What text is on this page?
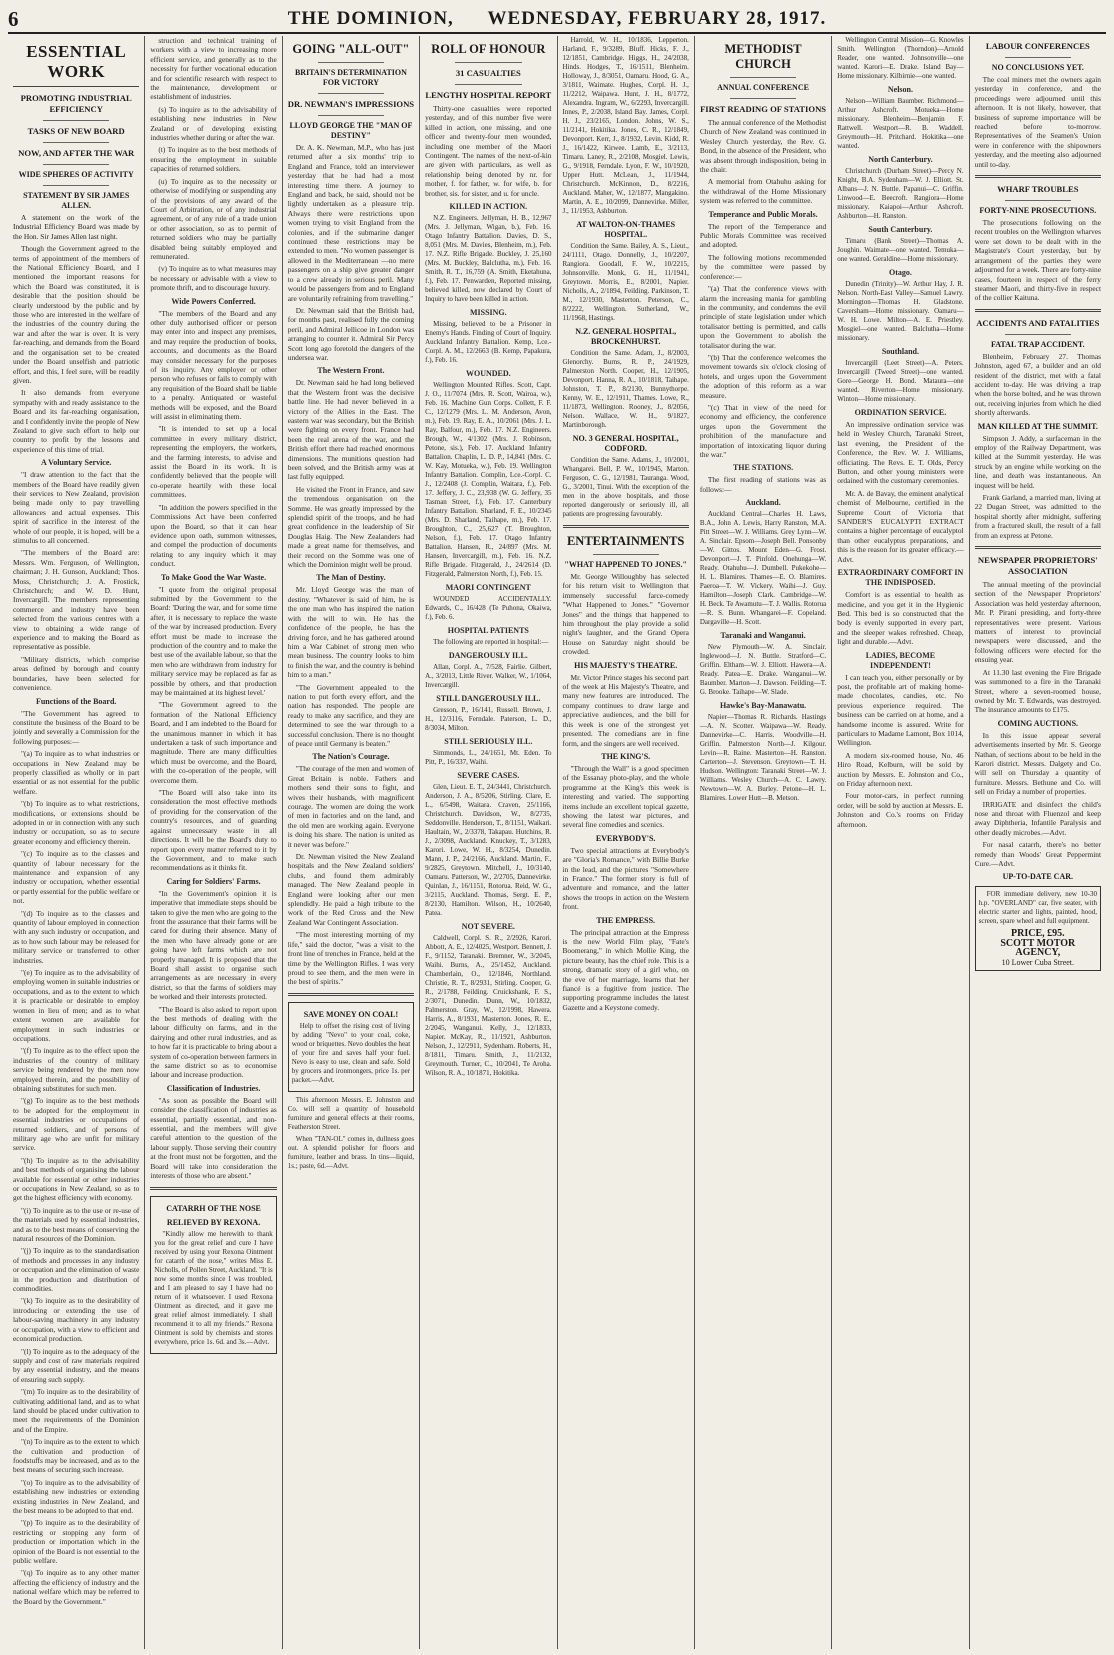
6	THE DOMINION, WEDNESDAY, FEBRUARY 28, 1917.
ESSENTIAL WORK
PROMOTING INDUSTRIAL EFFICIENCY
TASKS OF NEW BOARD
NOW, AND AFTER THE WAR
WIDE SPHERES OF ACTIVITY
STATEMENT BY SIR JAMES ALLEN.

A statement on the work of the Industrial Efficiency Board was made by the Hon. Sir James Allen last night.

Though the Government agreed to the terms of appointment of the members of the National Efficiency Board, and I mentioned the important reasons for which the Board was constituted, it is desirable that the position should be clearly understood by the public and by those who are interested in the welfare of the industries of the country during the war and after the war is over. It is very far-reaching, and demands from the Board and the organisation set to be created under the Board unselfish and patriotic effort, and this, I feel sure, will be readily given.

It also demands from everyone sympathy with and ready assistance to the Board and its far-reaching organisation, and I confidently invite the people of New Zealand to give such effort to help our country to profit by the lessons and experience of this time of trial.

A Voluntary Service.

"I draw attention to the fact that the members of the Board have readily given their services to New Zealand, provision being made only to pay travelling allowances and actual expenses. This spirit of sacrifice in the interest of the whole of our people, it is hoped, will be a stimulus to all concerned.

"The members of the Board are: Messrs. Wm. Ferguson, of Wellington, chairman; J. H. Gunson, Auckland; Thos. Moss, Christchurch; J. A. Frostick, Christchurch; and W. D. Hunt, Invercargill. The members representing commerce and industry have been selected from the various centres with a view to obtaining a wide range of experience and to making the Board as representative as possible.

"Military districts, which comprise areas defined by borough and county boundaries, have been selected for convenience.

Functions of the Board.

"The Government has agreed to constitute the business of the Board to be jointly and severally a Commission for the following purposes:—

"(a) To inquire as to what industries or occupations in New Zealand may be properly classified as wholly or in part essential or as not essential for the public welfare.

"(b) To inquire as to what restrictions, modifications, or extensions should be adopted in or in connection with any such industry or occupation, so as to secure greater economy and efficiency therein.

"(c) To inquire as to the classes and quantity of labour necessary for the maintenance and expansion of any industry or occupation, whether essential or partly essential for the public welfare or not.

"(d) To inquire as to the classes and quantity of labour employed in connection with any such industry or occupation, and as to how such labour may be released for military service or transferred to other industries.

"(e) To inquire as to the advisability of employing women in suitable industries or occupations, and as to the extent to which it is practicable or desirable to employ women in lieu of men; and as to what extent women are available for employment in such industries or occupations.

"(f) To inquire as to the effect upon the industries of the country of military service being rendered by the men now employed therein, and the possibility of obtaining substitutes for such men.

"(g) To inquire as to the best methods to be adopted for the employment in essential industries or occupations of returned soldiers, and of persons of military age who are unfit for military service.

"(h) To inquire as to the advisability and best methods of organising the labour available for essential or other industries or occupations in New Zealand, so as to get the highest efficiency with economy.

"(i) To inquire as to the use or re-use of the materials used by essential industries, and as to the best means of conserving the natural resources of the Dominion.

"(j) To inquire as to the standardisation of methods and processes in any industry or occupation and the elimination of waste in the production and distribution of commodities.

"(k) To inquire as to the desirability of introducing or extending the use of labour-saving machinery in any industry or occupation, with a view to efficient and economical production.

"(l) To inquire as to the adequacy of the supply and cost of raw materials required by any essential industry, and the means of ensuring such supply.

"(m) To inquire as to the desirability of cultivating additional land, and as to what land should be placed under cultivation to meet the requirements of the Dominion and of the Empire.

"(n) To inquire as to the extent to which the cultivation and production of foodstuffs may be increased, and as to the best means of securing such increase.

"(o) To inquire as to the advisability of establishing new industries or extending existing industries in New Zealand, and the best means to be adopted to that end.

"(p) To inquire as to the desirability of restricting or stopping any form of production or importation which in the opinion of the Board is not essential to the public welfare.

"(q) To inquire as to any other matter affecting the efficiency of industry and the national welfare which may be referred to the Board by the Government."

struction and technical training of workers with a view to increasing more efficient service, and generally as to the necessity for further vocational education and for scientific research with respect to the maintenance, development or establishment of industries.

(s) To inquire as to the advisability of establishing new industries in New Zealand or of developing existing industries whether during or after the war.

(t) To inquire as to the best methods of ensuring the employment in suitable capacities of returned soldiers.

(u) To inquire as to the necessity or otherwise of modifying or suspending any of the provisions of any award of the Court of Arbitration, or of any industrial agreement, or of any rule of a trade union or other association, so as to permit of returned soldiers who may be partially disabled being suitably employed and remunerated.

(v) To inquire as to what measures may be necessary or advisable with a view to promote thrift, and to discourage luxury.

Wide Powers Conferred.

"The members of the Board and any other duly authorised officer or person may enter into and inspect any premises, and may require the production of books, accounts, and documents as the Board may consider necessary for the purposes of its inquiry. Any employer or other person who refuses or fails to comply with any requisition of the Board shall be liable to a penalty. Antiquated or wasteful methods will be exposed, and the Board will assist in eliminating them.

"It is intended to set up a local committee in every military district, representing the employers, the workers, and the farming interests, to advise and assist the Board in its work. It is confidently believed that the people will co-operate heartily with these local committees.

"In addition the powers specified in the Commissions Act have been conferred upon the Board, so that it can hear evidence upon oath, summon witnesses, and compel the production of documents relating to any inquiry which it may conduct.

To Make Good the War Waste.

"I quote from the original proposal submitted by the Government to the Board: 'During the war, and for some time after, it is necessary to replace the waste of the war by increased production. Every effort must be made to increase the production of the country and to make the best use of the available labour, so that the men who are withdrawn from industry for military service may be replaced as far as possible by others, and that production may be maintained at its highest level.'

"The Government agreed to the formation of the National Efficiency Board, and I am indebted to the Board for the unanimous manner in which it has undertaken a task of such importance and magnitude. There are many difficulties which must be overcome, and the Board, with the co-operation of the people, will overcome them.

"The Board will also take into its consideration the most effective methods of providing for the conservation of the country's resources, and of guarding against unnecessary waste in all directions. It will be the Board's duty to report upon every matter referred to it by the Government, and to make such recommendations as it thinks fit.

Caring for Soldiers' Farms.

"In the Government's opinion it is imperative that immediate steps should be taken to give the men who are going to the front the assurance that their farms will be cared for during their absence. Many of the men who have already gone or are going have left farms which are not properly managed. It is proposed that the Board shall assist to organise such arrangements as are necessary in every district, so that the farms of soldiers may be worked and their interests protected.

"The Board is also asked to report upon the best methods of dealing with the labour difficulty on farms, and in the dairying and other rural industries, and as to how far it is practicable to bring about a system of co-operation between farmers in the same district so as to economise labour and increase production.

Classification of Industries.

"As soon as possible the Board will consider the classification of industries as essential, partially essential, and non-essential, and the members will give careful attention to the question of the labour supply. Those serving their country at the front must not be forgotten, and the Board will take into consideration the interests of those who are absent."

CATARRH OF THE NOSE
RELIEVED BY REXONA.

"Kindly allow me herewith to thank you for the great relief and cure I have received by using your Rexona Ointment for catarrh of the nose," writes Miss E. Nicholls, of Pollen Street, Auckland. "It is now some months since I was troubled, and I am pleased to say I have had no return of it whatsoever. I used Rexona Ointment as directed, and it gave me great relief almost immediately. I shall recommend it to all my friends." Rexona Ointment is sold by chemists and stores everywhere, price 1s. 6d. and 3s.—Advt.

GOING "ALL-OUT"
BRITAIN'S DETERMINATION FOR VICTORY
DR. NEWMAN'S IMPRESSIONS
LLOYD GEORGE THE "MAN OF DESTINY"

Dr. A. K. Newman, M.P., who has just returned after a six months' trip to England and France, told an interviewer yesterday that he had had a most interesting time there. A journey to England and back, he said, should not be lightly undertaken as a pleasure trip. Always there were restrictions upon women trying to visit England from the colonies, and if the submarine danger continued these restrictions may be extended to men. "No women passenger is allowed in the Mediterranean —no mere passengers on a ship give greater danger to a crew already in serious peril. Many would be passengers from and to England are voluntarily refraining from travelling."

Dr. Newman said that the British had, for months past, realised fully the coming peril, and Admiral Jellicoe in London was arranging to counter it. Admiral Sir Percy Scott long ago foretold the dangers of the undersea war.

The Western Front.

Dr. Newman said he had long believed that the Western front was the decisive battle line. He had never believed in a victory of the Allies in the East. The eastern war was secondary, but the British were fighting on every front. France had been the real arena of the war, and the British effort there had reached enormous dimensions. The munitions question had been solved, and the British army was at last fully equipped.

He visited the Front in France, and saw the tremendous organisation on the Somme. He was greatly impressed by the splendid spirit of the troops, and he had great confidence in the leadership of Sir Douglas Haig. The New Zealanders had made a great name for themselves, and their record on the Somme was one of which the Dominion might well be proud.

The Man of Destiny.

Mr. Lloyd George was the man of destiny. "Whatever is said of him, he is the one man who has inspired the nation with the will to win. He has the confidence of the people, he has the driving force, and he has gathered around him a War Cabinet of strong men who mean business. The country looks to him to finish the war, and the country is behind him to a man."

"The Government appealed to the nation to put forth every effort, and the nation has responded. The people are ready to make any sacrifice, and they are determined to see the war through to a successful conclusion. There is no thought of peace until Germany is beaten."

The Nation's Courage.

"The courage of the men and women of Great Britain is noble. Fathers and mothers send their sons to fight, and wives their husbands, with magnificent courage. The women are doing the work of men in factories and on the land, and the old men are working again. Everyone is doing his share. The nation is united as it never was before."

Dr. Newman visited the New Zealand hospitals and the New Zealand soldiers' clubs, and found them admirably managed. The New Zealand people in England were looking after our men splendidly. He paid a high tribute to the work of the Red Cross and the New Zealand War Contingent Association.

"The most interesting morning of my life," said the doctor, "was a visit to the front line of trenches in France, held at the time by the Wellington Rifles. I was very proud to see them, and the men were in the best of spirits."

SAVE MONEY ON COAL!

Help to offset the rising cost of living by adding "Nevo" to your coal, coke, wood or briquettes. Nevo doubles the heat of your fire and saves half your fuel. Nevo is easy to use, clean and safe. Sold by grocers and ironmongers, price 1s. per packet.—Advt.

This afternoon Messrs. E. Johnston and Co. will sell a quantity of household furniture and general effects at their rooms, Featherston Street.

When "TAN-OL" comes in, dullness goes out. A splendid polisher for floors and furniture, leather and brass. In tins—liquid, 1s.; paste, 6d.—Advt.

ROLL OF HONOUR
31 CASUALTIES
LENGTHY HOSPITAL REPORT

Thirty-one casualties were reported yesterday, and of this number five were killed in action, one missing, and one officer and twenty-four men wounded, including one member of the Maori Contingent. The names of the next-of-kin are given with particulars, as well as relationship being denoted by nr. for mother, f. for father, w. for wife, b. for brother, sis. for sister, and u. for uncle.

KILLED IN ACTION.

N.Z. Engineers. Jellyman, H. B., 12,967 (Mrs. J. Jellyman, Wigan, b.), Feb. 16. Otago Infantry Battalion. Davies, D. S., 8,051 (Mrs. M. Davies, Blenheim, m.), Feb. 17. N.Z. Rifle Brigade. Buckley, J. 25,160 (Mrs. M. Buckley, Balclutha, m.), Feb. 16. Smith, R. T., 16,759 (A. Smith, Eketahuna, f.), Feb. 17. Penwarden, Reported missing, believed killed, now declared by Court of Inquiry to have been killed in action.

MISSING.

Missing, believed to be a Prisoner in Enemy's Hands. Finding of Court of Inquiry. Auckland Infantry Battalion. Kemp, Lce.-Corpl. A. M., 12/2663 (B. Kemp, Papakura, f.), Feb. 16.

WOUNDED.

Wellington Mounted Rifles. Scott, Capt. J. O., 11/7074 (Mrs. R. Scott, Wairoa, w.), Feb. 16. Machine Gun Corps. Collett, F. F. C., 12/1279 (Mrs. L. M. Anderson, Avon, m.), Feb. 19. Ray, E. A., 10/2061 (Mrs. J. L. Ray, Balfour, m.), Feb. 17. N.Z. Engineers. Brough, W., 4/1302 (Mrs. J. Robinson, Petone, sis.), Feb. 17. Auckland Infantry Battalion. Chaplin, L. D. P., 14,841 (Mrs. C. W. Kay, Motueka, w.), Feb. 19. Wellington Infantry Battalion. Complin, Lce.-Corpl. C. J., 12/2408 (J. Complin, Waitara, f.), Feb. 17. Jeffery, J. C., 23,938 (W. G. Jeffery, 35 Tasman Street, f.), Feb. 17. Canterbury Infantry Battalion. Sharland, F. E., 10/2345 (Mrs. D. Sharland, Taihape, m.), Feb. 17. Broughton, C., 25,627 (T. Broughton, Nelson, f.), Feb. 17. Otago Infantry Battalion. Hansen, R., 24/897 (Mrs. M. Hansen, Invercargill, m.), Feb. 16. N.Z. Rifle Brigade. Fitzgerald, J., 24/2614 (D. Fitzgerald, Palmerston North, f.), Feb. 15.

MAORI CONTINGENT

WOUNDED ACCIDENTALLY. Edwards, C., 16/428 (Te Puhona, Okaiwa, f.), Feb. 6.

HOSPITAL PATIENTS

The following are reported in hospital:—

DANGEROUSLY ILL.

Allan, Corpl. A., 7/528, Fairlie. Gilbert, A., 3/2013, Little River. Walker, W., 1/1064, Invercargill.

STILL DANGEROUSLY ILL.

Gresson, P., 16/141, Russell. Brown, J. H., 12/3116, Ferndale. Paterson, L. D., 8/3034, Milton.

STILL SERIOUSLY ILL.

Simmonds, L., 24/1651, Mt. Eden. To Pitt, P., 16/337, Waihi.

SEVERE CASES.

Glen, Lieut. E. T., 24/3441, Christchurch. Anderson, J. A., 8/5206, Stirling. Clare, E. L., 6/5498, Waitara. Craven, 25/1166, Christchurch. Davidson, W., 8/2735, Seddonville. Henderson, T., 8/1151, Waikari. Haultain, W., 2/3378, Takapau. Hutchins, R. J., 2/3098, Auckland. Knuckey, T., 3/1283, Karori. Lowe, W. H., 8/3254, Dunedin. Mann, J. P., 24/2166, Auckland. Martin, F., 9/2825, Greytown. Mitchell, J., 10/3140, Oamaru. Patterson, W., 2/2705, Dannevirke. Quinlan, J., 16/1151, Rotorua. Reid, W. G., 3/2115, Auckland. Thomas, Sergt. E. P., 8/2130, Hamilton. Wilson, H., 10/2640, Patea.

NOT SEVERE.

Caldwell, Corpl. S. R., 2/2926, Karori. Abbott, A. E., 12/4025, Westport. Bennett, J. F., 9/1152, Taranaki. Bremner, W., 3/2045, Waihi. Burns, A., 25/1452, Auckland. Chamberlain, O., 12/1846, Northland. Christie, R. T., 8/2931, Stirling. Cooper, G. R., 2/1788, Feilding. Cruickshank, F. S., 2/3071, Dunedin. Dunn, W., 10/1832, Palmerston. Gray, W., 12/1998, Hawera. Harris, A., 8/1931, Masterton. Jones, R. E., 2/2045, Wanganui. Kelly, J., 12/1833, Napier. McKay, R., 11/1921, Ashburton. Nelson, J., 12/2911, Sydenham. Roberts, H., 8/1811, Timaru. Smith, J., 11/2132, Greymouth. Turner, C., 10/2041, Te Aroha. Wilson, R. A., 10/1871, Hokitika.

Harrold, W. H., 10/1836, Lepperton. Harland, F., 9/3289, Bluff. Hicks, F. J., 12/1851, Cambridge. Higgs, H., 24/2038, Hinds. Hodges, T., 16/1511, Blenheim. Holloway, J., 8/3051, Oamaru. Hood, G. A., 3/1811, Waimate. Hughes, Corpl. H. J., 11/2212, Waipawa. Hunt, J. H., 8/1772, Alexandra. Ingram, W., 6/2293, Invercargill. Innes, P., 2/2038, Island Bay. James, Corpl. H. J., 23/2165, London. Johns, W. S., 11/2141, Hokitika. Jones, C. R., 12/1849, Devonport. Kerr, J., 8/1932, Levin. Kidd, R. J., 16/1422, Kirwee. Lamb, E., 3/2113, Timaru. Laney, R., 2/2108, Mosgiel. Lewis, G., 9/1918, Ferndale. Lyon, F. W., 10/1920, Upper Hutt. McLean, J., 11/1944, Christchurch. McKinnon, D., 8/2216, Auckland. Maher, W., 12/1877, Mangakino. Martin, A. E., 10/2099, Dannevirke. Miller, J., 11/1953, Ashburton.

AT WALTON-ON-THAMES HOSPITAL.

Condition the Same. Bailey, A. S., Lieut., 24/1111, Otago. Donnelly, J., 10/2207, Rangiora. Goodall, F. W., 10/2215, Johnsonville. Monk, G. H., 11/1941, Greytown. Morris, E., 8/2001, Napier. Nicholls, A., 2/1894, Feilding. Parkinson, T. M., 12/1930, Masterton. Peterson, C., 8/2222, Wellington. Sutherland, W., 11/1968, Hastings.

N.Z. GENERAL HOSPITAL, BROCKENHURST.

Condition the Same. Adam, J., 8/2003, Glenorchy. Burns, R. P., 24/1929, Palmerston North. Cooper, H., 12/1905, Devonport. Hanna, R. A., 10/1818, Taihape. Johnston, T. P., 8/2130, Bunnythorpe. Kenny, W. E., 12/1911, Thames. Lowe, R., 11/1873, Wellington. Rooney, J., 8/2056, Nelson. Wallace, W. H., 9/1827, Martinborough.

NO. 3 GENERAL HOSPITAL, CODFORD.

Condition the Same. Adams, J., 10/2001, Whangarei. Bell, P. W., 10/1945, Marton. Ferguson, C. G., 12/1981, Tauranga. Wood, G., 3/2001, Tinui. With the exception of the men in the above hospitals, and those reported dangerously or seriously ill, all patients are progressing favourably.

ENTERTAINMENTS
"WHAT HAPPENED TO JONES."

Mr. George Willoughby has selected for his return visit to Wellington that immensely successful farce-comedy "What Happened to Jones." "Governor Jones" and the things that happened to him throughout the play provide a solid night's laughter, and the Grand Opera House on Saturday night should be crowded.

HIS MAJESTY'S THEATRE.

Mr. Victor Prince stages his second part of the week at His Majesty's Theatre, and many new features are introduced. The company continues to draw large and appreciative audiences, and the bill for this week is one of the strongest yet presented. The comedians are in fine form, and the singers are well received.

THE KING'S.

"Through the Wall" is a good specimen of the Essanay photo-play, and the whole programme at the King's this week is interesting and varied. The supporting items include an excellent topical gazette, showing the latest war pictures, and several fine comedies and scenics.

EVERYBODY'S.

Two special attractions at Everybody's are "Gloria's Romance," with Billie Burke in the lead, and the pictures "Somewhere in France." The former story is full of adventure and romance, and the latter shows the troops in action on the Western front.

THE EMPRESS.

The principal attraction at the Empress is the new World Film play, "Fate's Boomerang," in which Mollie King, the picture beauty, has the chief role. This is a strong, dramatic story of a girl who, on the eve of her marriage, learns that her fiancé is a fugitive from justice. The supporting programme includes the latest Gazette and a Keystone comedy.

METHODIST CHURCH
ANNUAL CONFERENCE
FIRST READING OF STATIONS

The annual conference of the Methodist Church of New Zealand was continued in Wesley Church yesterday, the Rev. G. Bond, in the absence of the President, who was absent through indisposition, being in the chair.

A memorial from Otahuhu asking for the withdrawal of the Home Missionary system was referred to the committee.

Temperance and Public Morals.

The report of the Temperance and Public Morals Committee was received and adopted.

The following motions recommended by the committee were passed by conference:—

"(a) That the conference views with alarm the increasing mania for gambling in the community, and condemns the evil principle of state legislation under which totalisator betting is permitted, and calls upon the Government to abolish the totalisator during the war.

"(b) That the conference welcomes the movement towards six o'clock closing of hotels, and urges upon the Government the adoption of this reform as a war measure.

"(c) That in view of the need for economy and efficiency, the conference urges upon the Government the prohibition of the manufacture and importation of intoxicating liquor during the war."

THE STATIONS.

The first reading of stations was as follows:—

Auckland.

Auckland Central—Charles H. Laws, B.A., John A. Lewis, Harry Ranston, M.A. Pitt Street—W. J. Williams. Grey Lynn—W. A. Sinclair. Epsom—Joseph Bell. Ponsonby—W. Gittos. Mount Eden—G. Frost. Devonport—J. T. Pinfold. Onehunga—W. Ready. Otahuhu—J. Dumbell. Pukekohe—H. L. Blamires. Thames—E. O. Blamires. Paeroa—T. W. Vickery. Waihi—J. Guy. Hamilton—Joseph Clark. Cambridge—W. H. Beck. Te Awamutu—T. J. Wallis. Rotorua—R. S. Bunn. Whangarei—F. Copeland. Dargaville—H. Scott.

Taranaki and Wanganui.

New Plymouth—W. A. Sinclair. Inglewood—J. N. Buttle. Stratford—C. Griffin. Eltham—W. J. Elliott. Hawera—A. Ready. Patea—E. Drake. Wanganui—W. Baumber. Marton—J. Dawson. Feilding—T. G. Brooke. Taihape—W. Slade.

Hawke's Bay-Manawatu.

Napier—Thomas R. Richards. Hastings—A. N. Scotter. Waipawa—W. Ready. Dannevirke—C. Harris. Woodville—H. Griffin. Palmerston North—J. Kilgour. Levin—R. Raine. Masterton—H. Ranston. Carterton—J. Stevenson. Greytown—T. H. Hudson. Wellington: Taranaki Street—W. J. Williams. Wesley Church—A. C. Lawry. Newtown—W. A. Burley. Petone—H. L. Blamires. Lower Hutt—B. Metson.

Wellington Central Mission—G. Knowles Smith. Wellington (Thorndon)—Arnold Reader, one wanted. Johnsonville—one wanted. Karori—E. Drake. Island Bay—Home missionary. Kilbirnie—one wanted.

Nelson.

Nelson—William Baumber. Richmond—Arthur Ashcroft. Motueka—Home missionary. Blenheim—Benjamin F. Rattwell. Westport—R. B. Waddell. Greymouth—H. Pritchard. Hokitika—one wanted.

North Canterbury.

Christchurch (Durham Street)—Percy N. Knight, B.A. Sydenham—W. J. Elliott. St. Albans—J. N. Buttle. Papanui—C. Griffin. Linwood—E. Beecroft. Rangiora—Home missionary. Kaiapoi—Arthur Ashcroft. Ashburton—H. Ranston.

South Canterbury.

Timaru (Bank Street)—Thomas A. Joughin. Waimate—one wanted. Temuka—one wanted. Geraldine—Home missionary.

Otago.

Dunedin (Trinity)—W. Arthur Hay, J. R. Nelson. North-East Valley—Samuel Lawry. Mornington—Thomas H. Gladstone. Caversham—Home missionary. Oamaru—W. H. Lowe. Milton—A. E. Priestley. Mosgiel—one wanted. Balclutha—Home missionary.

Southland.

Invercargill (Leet Street)—A. Peters. Invercargill (Tweed Street)—one wanted. Gore—George H. Bond. Mataura—one wanted. Riverton—Home missionary. Winton—Home missionary.

ORDINATION SERVICE.

An impressive ordination service was held in Wesley Church, Taranaki Street, last evening, the President of the Conference, the Rev. W. J. Williams, officiating. The Revs. E. T. Olds, Percy Button, and other young ministers were ordained with the customary ceremonies.

Mr. A. de Bavay, the eminent analytical chemist of Melbourne, certified in the Supreme Court of Victoria that SANDER'S EUCALYPTI EXTRACT contains a higher percentage of eucalyptol than other eucalyptus preparations, and this is the reason for its greater efficacy.—Advt.

EXTRAORDINARY COMFORT IN THE INDISPOSED.

Comfort is as essential to health as medicine, and you get it in the Hygienic Bed. This bed is so constructed that the body is evenly supported in every part, and the sleeper wakes refreshed. Cheap, light and durable.—Advt.

LADIES, BECOME INDEPENDENT!

I can teach you, either personally or by post, the profitable art of making home-made chocolates, candies, etc. No previous experience required. The business can be carried on at home, and a handsome income is assured. Write for particulars to Madame Lamont, Box 1014, Wellington.

A modern six-roomed house, No. 46 Hiro Road, Kelburn, will be sold by auction by Messrs. E. Johnston and Co., on Friday afternoon next.

Four motor-cars, in perfect running order, will be sold by auction at Messrs. E. Johnston and Co.'s rooms on Friday afternoon.

LABOUR CONFERENCES
NO CONCLUSIONS YET.

The coal miners met the owners again yesterday in conference, and the proceedings were adjourned until this afternoon. It is not likely, however, that business of supreme importance will be reached before to-morrow. Representatives of the Seamen's Union were in conference with the shipowners yesterday, and the meeting also adjourned until to-day.

WHARF TROUBLES
FORTY-NINE PROSECUTIONS.

The prosecutions following on the recent troubles on the Wellington wharves were set down to be dealt with in the Magistrate's Court yesterday, but by arrangement of the parties they were adjourned for a week. There are forty-nine cases, fourteen in respect of the ferry steamer Maori, and thirty-five in respect of the collier Kaituna.

ACCIDENTS AND FATALITIES
FATAL TRAP ACCIDENT.

Blenheim, February 27. Thomas Johnston, aged 67, a builder and an old resident of the district, met with a fatal accident to-day. He was driving a trap when the horse bolted, and he was thrown out, receiving injuries from which he died shortly afterwards.

MAN KILLED AT THE SUMMIT.

Simpson J. Addy, a surfaceman in the employ of the Railway Department, was killed at the Summit yesterday. He was struck by an engine while working on the line, and death was instantaneous. An inquest will be held.

Frank Garland, a married man, living at 22 Dugan Street, was admitted to the hospital shortly after midnight, suffering from a fractured skull, the result of a fall from an express at Petone.

NEWSPAPER PROPRIETORS' ASSOCIATION

The annual meeting of the provincial section of the Newspaper Proprietors' Association was held yesterday afternoon, Mr. P. Pirani presiding, and forty-three representatives were present. Various matters of interest to provincial newspapers were discussed, and the following officers were elected for the ensuing year.

At 11.30 last evening the Fire Brigade was summoned to a fire in the Taranaki Street, where a seven-roomed house, owned by Mr. T. Edwards, was destroyed. The insurance amounts to £175.

COMING AUCTIONS.

In this issue appear several advertisements inserted by Mr. S. George Nathan, of sections about to be held in the Karori district. Messrs. Dalgety and Co. will sell on Thursday a quantity of furniture. Messrs. Bethune and Co. will sell on Friday a number of properties.

IRRIGATE and disinfect the child's nose and throat with Fluenzol and keep away Diphtheria, Infantile Paralysis and other deadly microbes.—Advt.

For nasal catarrh, there's no better remedy than Woods' Great Peppermint Cure.—Advt.

UP-TO-DATE CAR.

FOR immediate delivery, new 10-30 h.p. "OVERLAND" car, five seater, with electric starter and lights, painted, hood, screen, spare wheel and full equipment.

PRICE, £95.
SCOTT MOTOR AGENCY,
10 Lower Cuba Street.
